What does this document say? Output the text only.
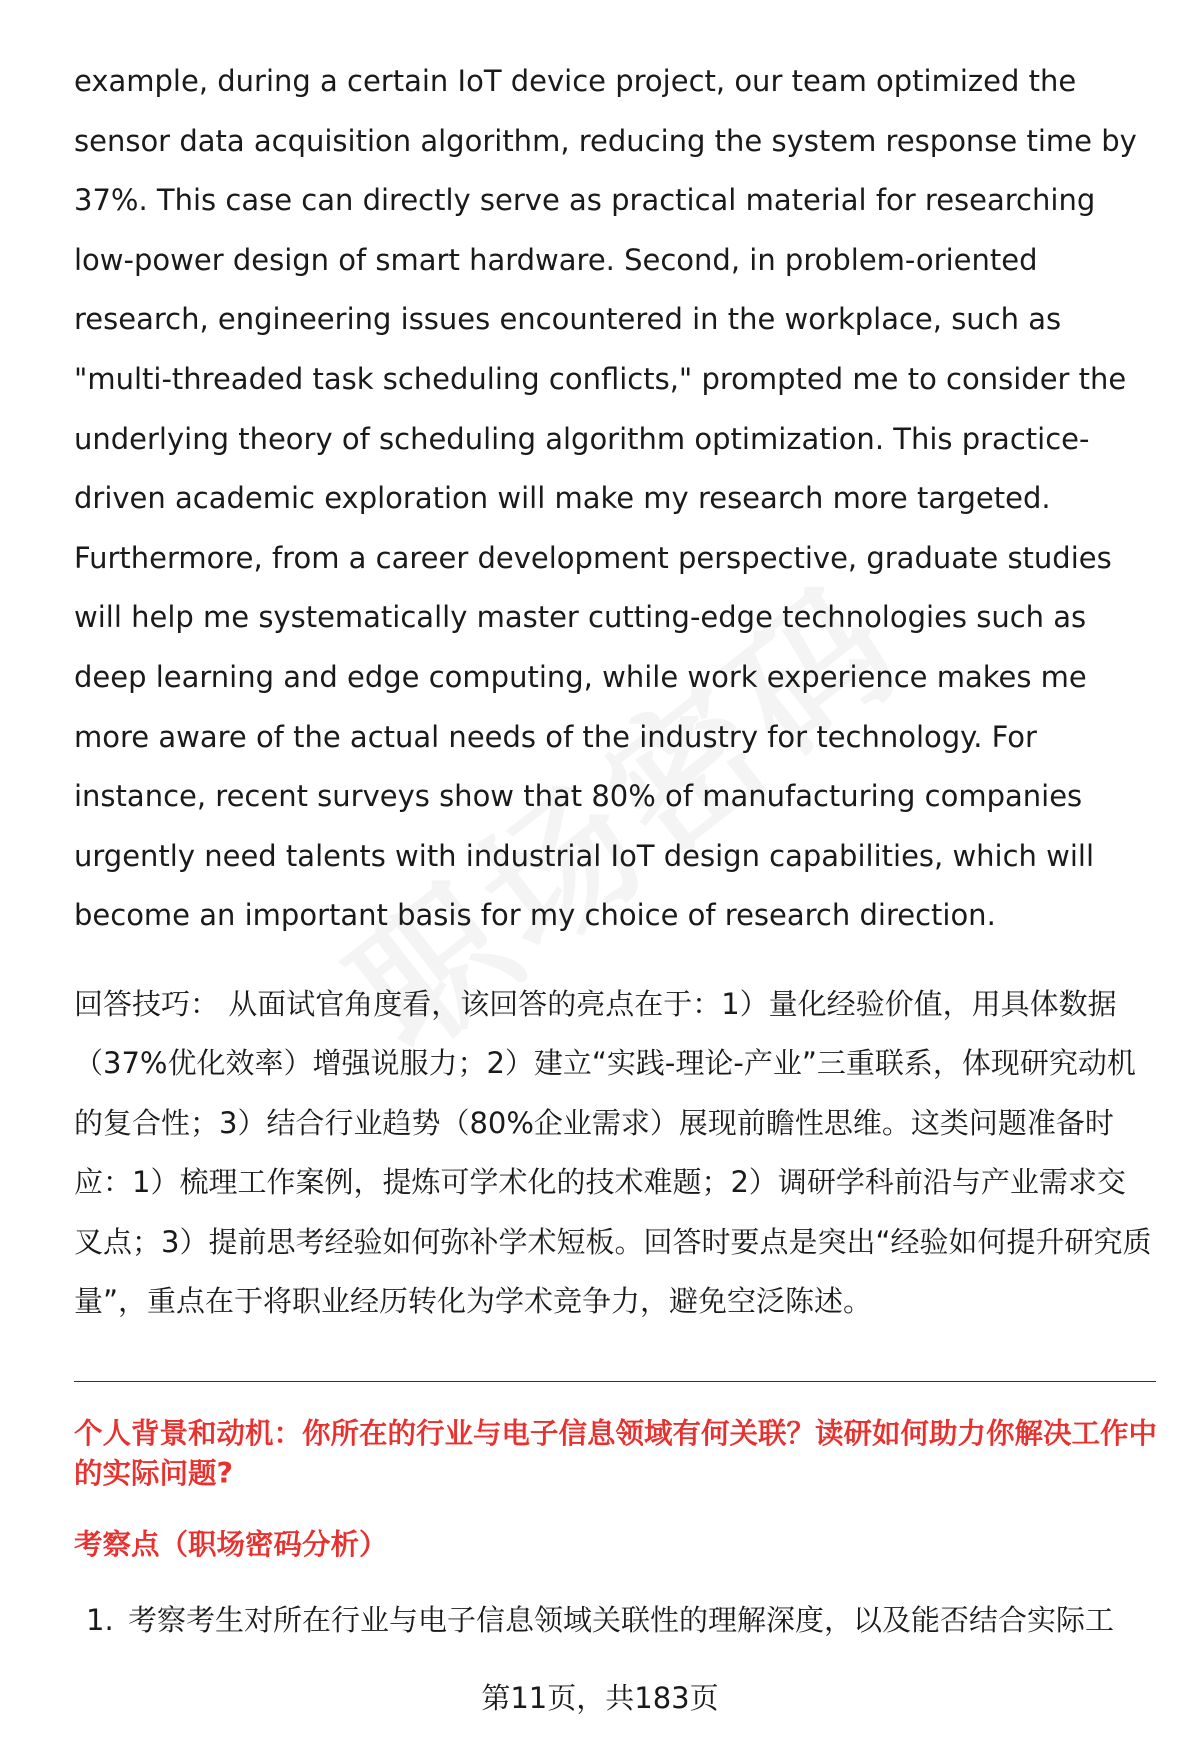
example, during a certain IoT device project, our team optimized the sensor data acquisition algorithm, reducing the system response time by 37%. This case can directly serve as practical material for researching low-power design of smart hardware. Second, in problem-oriented research, engineering issues encountered in the workplace, such as "multi-threaded task scheduling conflicts," prompted me to consider the underlying theory of scheduling algorithm optimization. This practice-driven academic exploration will make my research more targeted. Furthermore, from a career development perspective, graduate studies will help me systematically master cutting-edge technologies such as deep learning and edge computing, while work experience makes me more aware of the actual needs of the industry for technology. For instance, recent surveys show that 80% of manufacturing companies urgently need talents with industrial IoT design capabilities, which will become an important basis for my choice of research direction.

回答技巧： 从面试官角度看，该回答的亮点在于：1）量化经验价值，用具体数据（37%优化效率）增强说服力；2）建立“实践-理论-产业”三重联系，体现研究动机的复合性；3）结合行业趋势（80%企业需求）展现前瞻性思维。这类问题准备时应：1）梳理工作案例，提炼可学术化的技术难题；2）调研学科前沿与产业需求交叉点；3）提前思考经验如何弥补学术短板。回答时要点是突出“经验如何提升研究质量”，重点在于将职业经历转化为学术竞争力，避免空泛陈述。

个人背景和动机：你所在的行业与电子信息领域有何关联？读研如何助力你解决工作中的实际问题?
考察点（职场密码分析）
1. 考察考生对所在行业与电子信息领域关联性的理解深度，以及能否结合实际工
第11页，共183页
